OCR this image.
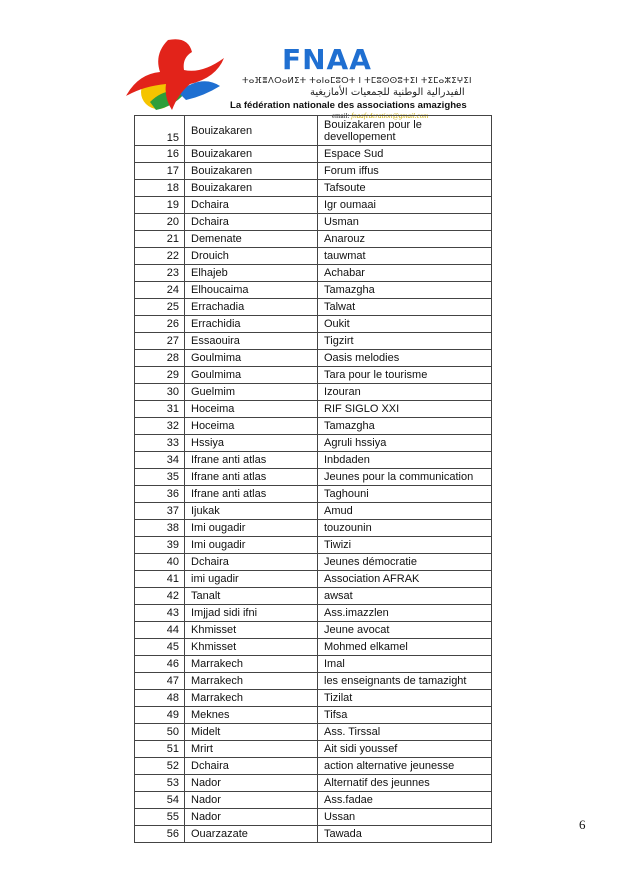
FNAA
ⵜⴰⴼⴻⴷⵔⴰⵍⵉⵜ ⵜⴰⵏⴰⵎⵓⵔⵜ ⵏ ⵜⵎⵓⵙⵙⵓⵜⵉⵏ ⵜⵉⵎⴰⵣⵉⵖⵉⵏ
الفيدرالية الوطنية للجمعيات الأمازيغية
La fédération nationale des associations amazighes
email: fnaafederation@gmail.com
15	Bouizakaren	Bouizakaren pour le devellopement
16	Bouizakaren	Espace Sud
17	Bouizakaren	Forum iffus
18	Bouizakaren	Tafsoute
19	Dchaira	Igr oumaai
20	Dchaira	Usman
21	Demenate	Anarouz
22	Drouich	tauwmat
23	Elhajeb	Achabar
24	Elhoucaima	Tamazgha
25	Errachadia	Talwat
26	Errachidia	Oukit
27	Essaouira	Tigzirt
28	Goulmima	Oasis melodies
29	Goulmima	Tara pour le tourisme
30	Guelmim	Izouran
31	Hoceima	RIF SIGLO XXI
32	Hoceima	Tamazgha
33	Hssiya	Agruli hssiya
34	Ifrane anti atlas	Inbdaden
35	Ifrane anti atlas	Jeunes pour la communication
36	Ifrane anti atlas	Taghouni
37	Ijukak	Amud
38	Imi ougadir	touzounin
39	Imi ougadir	Tiwizi
40	Dchaira	Jeunes démocratie
41	imi ugadir	Association AFRAK
42	Tanalt	awsat
43	Imjjad sidi ifni	Ass.imazzlen
44	Khmisset	Jeune avocat
45	Khmisset	Mohmed elkamel
46	Marrakech	Imal
47	Marrakech	les enseignants de tamazight
48	Marrakech	Tizilat
49	Meknes	Tifsa
50	Midelt	Ass. Tirssal
51	Mrirt	Ait sidi youssef
52	Dchaira	action alternative jeunesse
53	Nador	Alternatif des jeunnes
54	Nador	Ass.fadae
55	Nador	Ussan
56	Ouarzazate	Tawada
6
